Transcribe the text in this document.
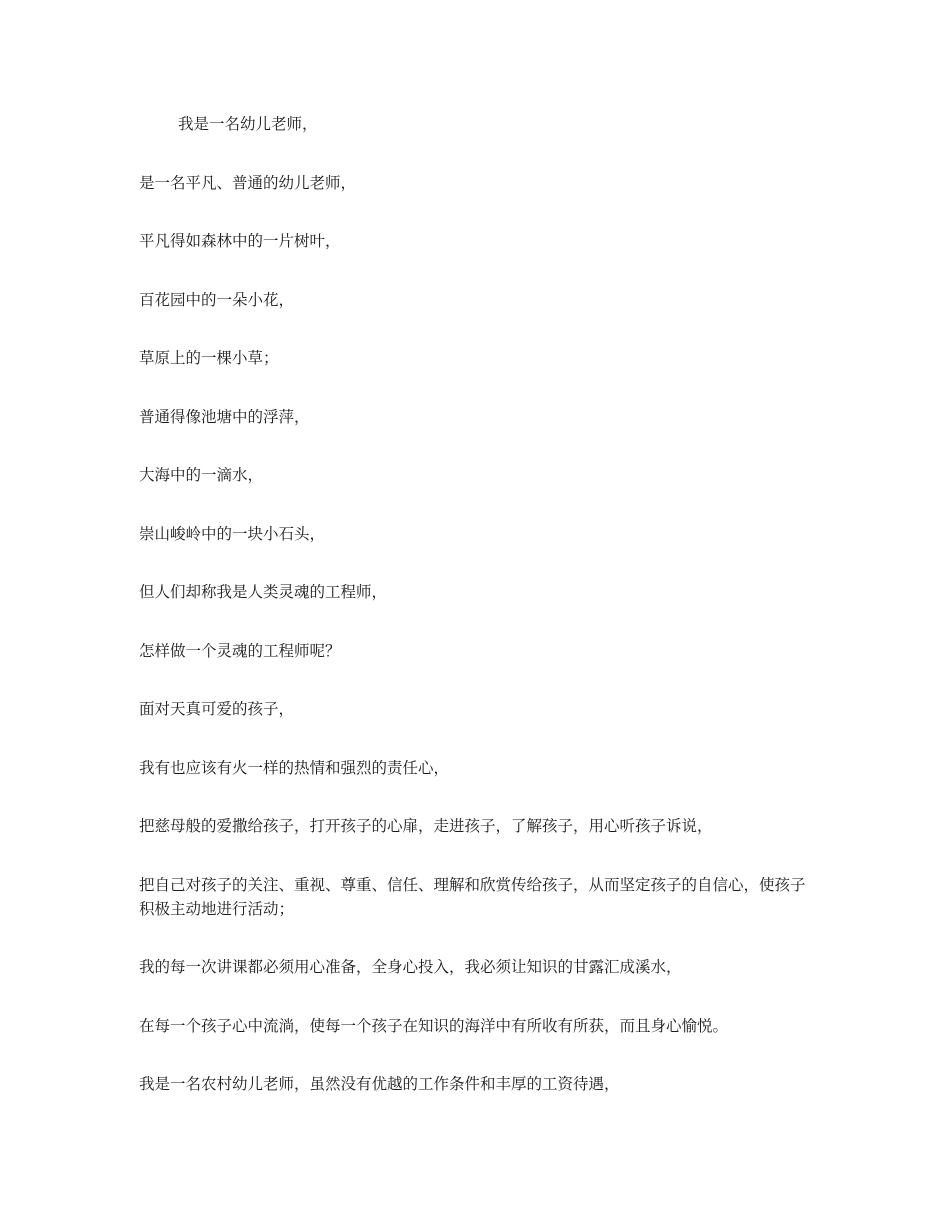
我是一名幼儿老师，

是一名平凡、普通的幼儿老师，

平凡得如森林中的一片树叶，

百花园中的一朵小花，

草原上的一棵小草；

普通得像池塘中的浮萍，

大海中的一滴水，

崇山峻岭中的一块小石头，

但人们却称我是人类灵魂的工程师，

怎样做一个灵魂的工程师呢？

面对天真可爱的孩子，

我有也应该有火一样的热情和强烈的责任心，

把慈母般的爱撒给孩子，打开孩子的心扉，走进孩子，了解孩子，用心听孩子诉说，

把自己对孩子的关注、重视、尊重、信任、理解和欣赏传给孩子，从而坚定孩子的自信心，使孩子积极主动地进行活动；

我的每一次讲课都必须用心准备，全身心投入，我必须让知识的甘露汇成溪水，

在每一个孩子心中流淌，使每一个孩子在知识的海洋中有所收有所获，而且身心愉悦。

我是一名农村幼儿老师，虽然没有优越的工作条件和丰厚的工资待遇，
